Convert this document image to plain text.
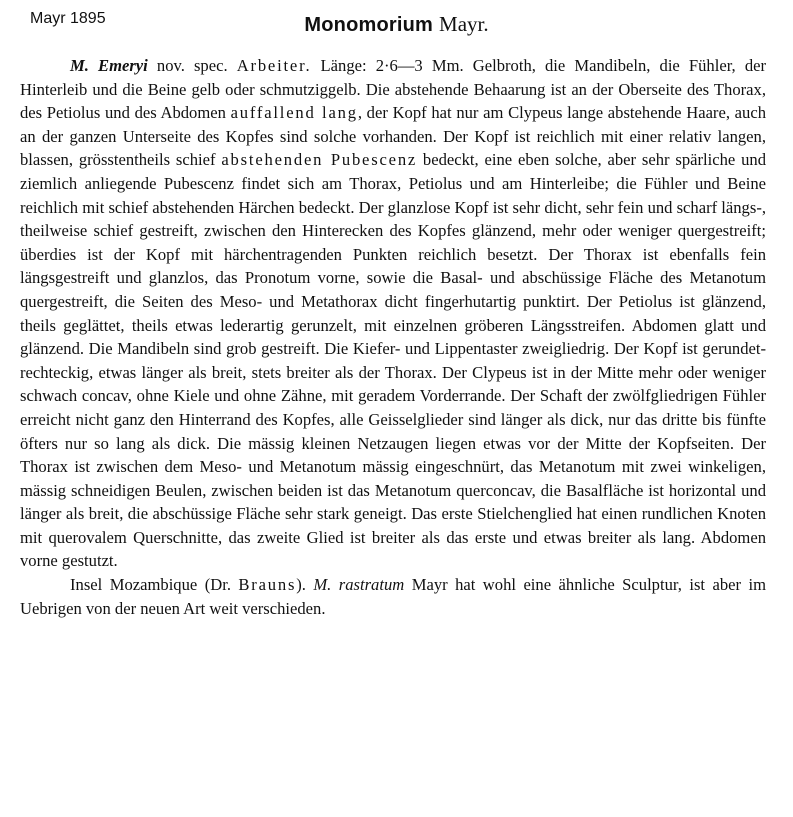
Mayr 1895	Monomorium Mayr.

M. Emeryi nov. spec. Arbeiter. Länge: 2·6—3 Mm. Gelbroth, die Mandibeln, die Fühler, der Hinterleib und die Beine gelb oder schmutziggelb. Die abstehende Behaarung ist an der Oberseite des Thorax, des Petiolus und des Abdomen auffallend lang, der Kopf hat nur am Clypeus lange abstehende Haare, auch an der ganzen Unterseite des Kopfes sind solche vorhanden. Der Kopf ist reichlich mit einer relativ langen, blassen, grösstentheils schief abstehenden Pubescenz bedeckt, eine eben solche, aber sehr spärliche und ziemlich anliegende Pubescenz findet sich am Thorax, Petiolus und am Hinterleibe; die Fühler und Beine reichlich mit schief abstehenden Härchen bedeckt. Der glanzlose Kopf ist sehr dicht, sehr fein und scharf längs-, theilweise schief gestreift, zwischen den Hinterecken des Kopfes glänzend, mehr oder weniger quergestreift; überdies ist der Kopf mit härchentragenden Punkten reichlich besetzt. Der Thorax ist ebenfalls fein längsgestreift und glanzlos, das Pronotum vorne, sowie die Basal- und abschüssige Fläche des Metanotum quergestreift, die Seiten des Meso- und Metathorax dicht fingerhutartig punktirt. Der Petiolus ist glänzend, theils geglättet, theils etwas lederartig gerunzelt, mit einzelnen gröberen Längsstreifen. Abdomen glatt und glänzend. Die Mandibeln sind grob gestreift. Die Kiefer- und Lippentaster zweigliedrig. Der Kopf ist gerundet-rechteckig, etwas länger als breit, stets breiter als der Thorax. Der Clypeus ist in der Mitte mehr oder weniger schwach concav, ohne Kiele und ohne Zähne, mit geradem Vorderrande. Der Schaft der zwölfgliedrigen Fühler erreicht nicht ganz den Hinterrand des Kopfes, alle Geisselglieder sind länger als dick, nur das dritte bis fünfte öfters nur so lang als dick. Die mässig kleinen Netzaugen liegen etwas vor der Mitte der Kopfseiten. Der Thorax ist zwischen dem Meso- und Metanotum mässig eingeschnürt, das Metanotum mit zwei winkeligen, mässig schneidigen Beulen, zwischen beiden ist das Metanotum querconcav, die Basalfläche ist horizontal und länger als breit, die abschüssige Fläche sehr stark geneigt. Das erste Stielchenglied hat einen rundlichen Knoten mit querovalem Querschnitte, das zweite Glied ist breiter als das erste und etwas breiter als lang. Abdomen vorne gestutzt.

Insel Mozambique (Dr. Brauns). M. rastratum Mayr hat wohl eine ähnliche Sculptur, ist aber im Uebrigen von der neuen Art weit verschieden.
